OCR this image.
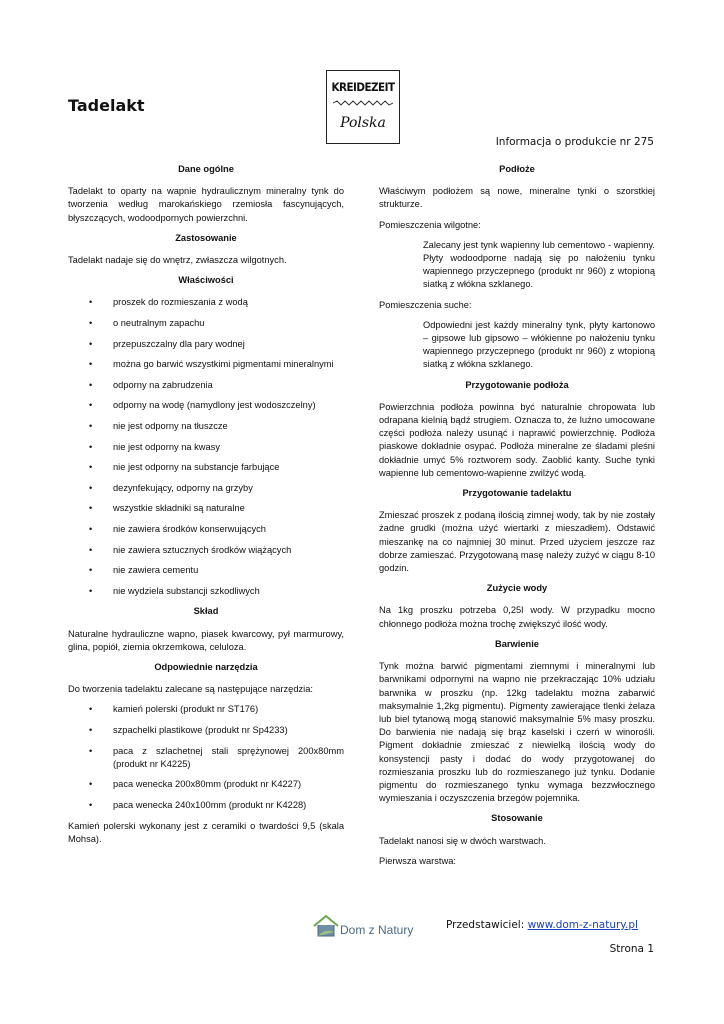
Tadelakt
KREIDEZEIT
Polska
Informacja o produkcie nr 275
Dane ogólne

Tadelakt to oparty na wapnie hydraulicznym mineralny tynk do tworzenia według marokańskiego rzemiosła fascynujących, błyszczących, wodoodpornych powierzchni.

Zastosowanie

Tadelakt nadaje się do wnętrz, zwłaszcza wilgotnych.

Właściwości
• proszek do rozmieszania z wodą
• o neutralnym zapachu
• przepuszczalny dla pary wodnej
• można go barwić wszystkimi pigmentami mineralnymi
• odporny na zabrudzenia
• odporny na wodę (namydlony jest wodoszczelny)
• nie jest odporny na tłuszcze
• nie jest odporny na kwasy
• nie jest odporny na substancje farbujące
• dezynfekujący, odporny na grzyby
• wszystkie składniki są naturalne
• nie zawiera środków konserwujących
• nie zawiera sztucznych środków wiążących
• nie zawiera cementu
• nie wydziela substancji szkodliwych
Skład

Naturalne hydrauliczne wapno, piasek kwarcowy, pył marmurowy, glina, popiół, ziemia okrzemkowa, celuloza.

Odpowiednie narzędzia

Do tworzenia tadelaktu zalecane są następujące narzędzia:

• kamień polerski (produkt nr ST176)
• szpachelki plastikowe (produkt nr Sp4233)
• paca z szlachetnej stali sprężynowej 200x80mm (produkt nr K4225)
• paca wenecka 200x80mm (produkt nr K4227)
• paca wenecka 240x100mm (produkt nr K4228)

Kamień polerski wykonany jest z ceramiki o twardości 9,5 (skala Mohsa).

Podłoże

Właściwym podłożem są nowe, mineralne tynki o szorstkiej strukturze.

Pomieszczenia wilgotne:

Zalecany jest tynk wapienny lub cementowo - wapienny. Płyty wodoodporne nadają się po nałożeniu tynku wapiennego przyczepnego (produkt nr 960) z wtopioną siatką z włókna szklanego.

Pomieszczenia suche:

Odpowiedni jest każdy mineralny tynk, płyty kartonowo – gipsowe lub gipsowo – włókienne po nałożeniu tynku wapiennego przyczepnego (produkt nr 960) z wtopioną siatką z włókna szklanego.

Przygotowanie podłoża

Powierzchnia podłoża powinna być naturalnie chropowata lub odrapana kielnią bądź strugiem. Oznacza to, że luźno umocowane części podłoża należy usunąć i naprawić powierzchnię. Podłoża piaskowe dokładnie osypać. Podłoża mineralne ze śladami pleśni dokładnie umyć 5% roztworem sody. Zaoblić kanty. Suche tynki wapienne lub cementowo-wapienne zwilżyć wodą.

Przygotowanie tadelaktu

Zmieszać proszek z podaną ilością zimnej wody, tak by nie zostały żadne grudki (można użyć wiertarki z mieszadłem). Odstawić mieszankę na co najmniej 30 minut. Przed użyciem jeszcze raz dobrze zamieszać. Przygotowaną masę należy zużyć w ciągu 8-10 godzin.

Zużycie wody

Na 1kg proszku potrzeba 0,25l wody. W przypadku mocno chłonnego podłoża można trochę zwiększyć ilość wody.

Barwienie

Tynk można barwić pigmentami ziemnymi i mineralnymi lub barwnikami odpornymi na wapno nie przekraczając 10% udziału barwnika w proszku (np. 12kg tadelaktu można zabarwić maksymalnie 1,2kg pigmentu). Pigmenty zawierające tlenki żelaza lub biel tytanową mogą stanowić maksymalnie 5% masy proszku. Do barwienia nie nadają się brąz kaselski i czerń w winorośli. Pigment dokładnie zmieszać z niewielką ilością wody do konsystencji pasty i dodać do wody przygotowanej do rozmieszania proszku lub do rozmieszanego już tynku. Dodanie pigmentu do rozmieszanego tynku wymaga bezzwłocznego wymieszania i oczyszczenia brzegów pojemnika.

Stosowanie

Tadelakt nanosi się w dwóch warstwach.

Pierwsza warstwa:

Dom z Natury	Przedstawiciel: www.dom-z-natury.pl
Strona 1
